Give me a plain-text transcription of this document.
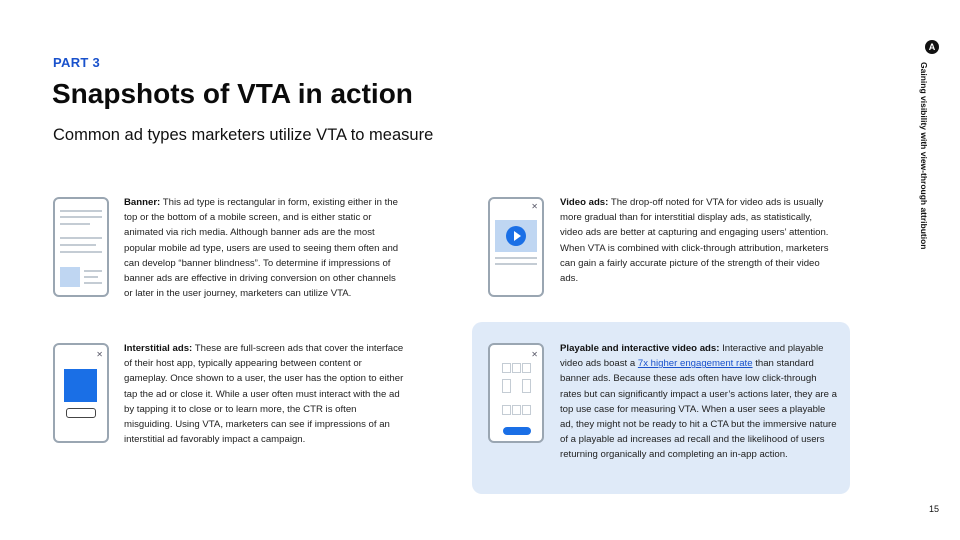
PART 3
Snapshots of VTA in action
Common ad types marketers utilize VTA to measure
A
Gaining visibility with view-through attribution
15
Banner: This ad type is rectangular in form, existing either in the top or the bottom of a mobile screen, and is either static or animated via rich media. Although banner ads are the most popular mobile ad type, users are used to seeing them often and can develop “banner blindness”. To determine if impressions of banner ads are effective in driving conversion on other channels or later in the user journey, marketers can utilize VTA.
✕ Video ads: The drop-off noted for VTA for video ads is usually more gradual than for interstitial display ads, as statistically, video ads are better at capturing and engaging users’ attention. When VTA is combined with click-through attribution, marketers can gain a fairly accurate picture of the strength of their video ads.
✕
Interstitial ads: These are full-screen ads that cover the interface of their host app, typically appearing between content or gameplay. Once shown to a user, the user has the option to either tap the ad or close it. While a user often must interact with the ad by tapping it to close or to learn more, the CTR is often misguiding. Using VTA, marketers can see if impressions of an interstitial ad favorably impact a campaign.
✕
Playable and interactive video ads: Interactive and playable video ads boast a 7x higher engagement rate than standard banner ads. Because these ads often have low click-through rates but can significantly impact a user’s actions later, they are a top use case for measuring VTA. When a user sees a playable ad, they might not be ready to hit a CTA but the immersive nature of a playable ad increases ad recall and the likelihood of users returning organically and completing an in-app action.
